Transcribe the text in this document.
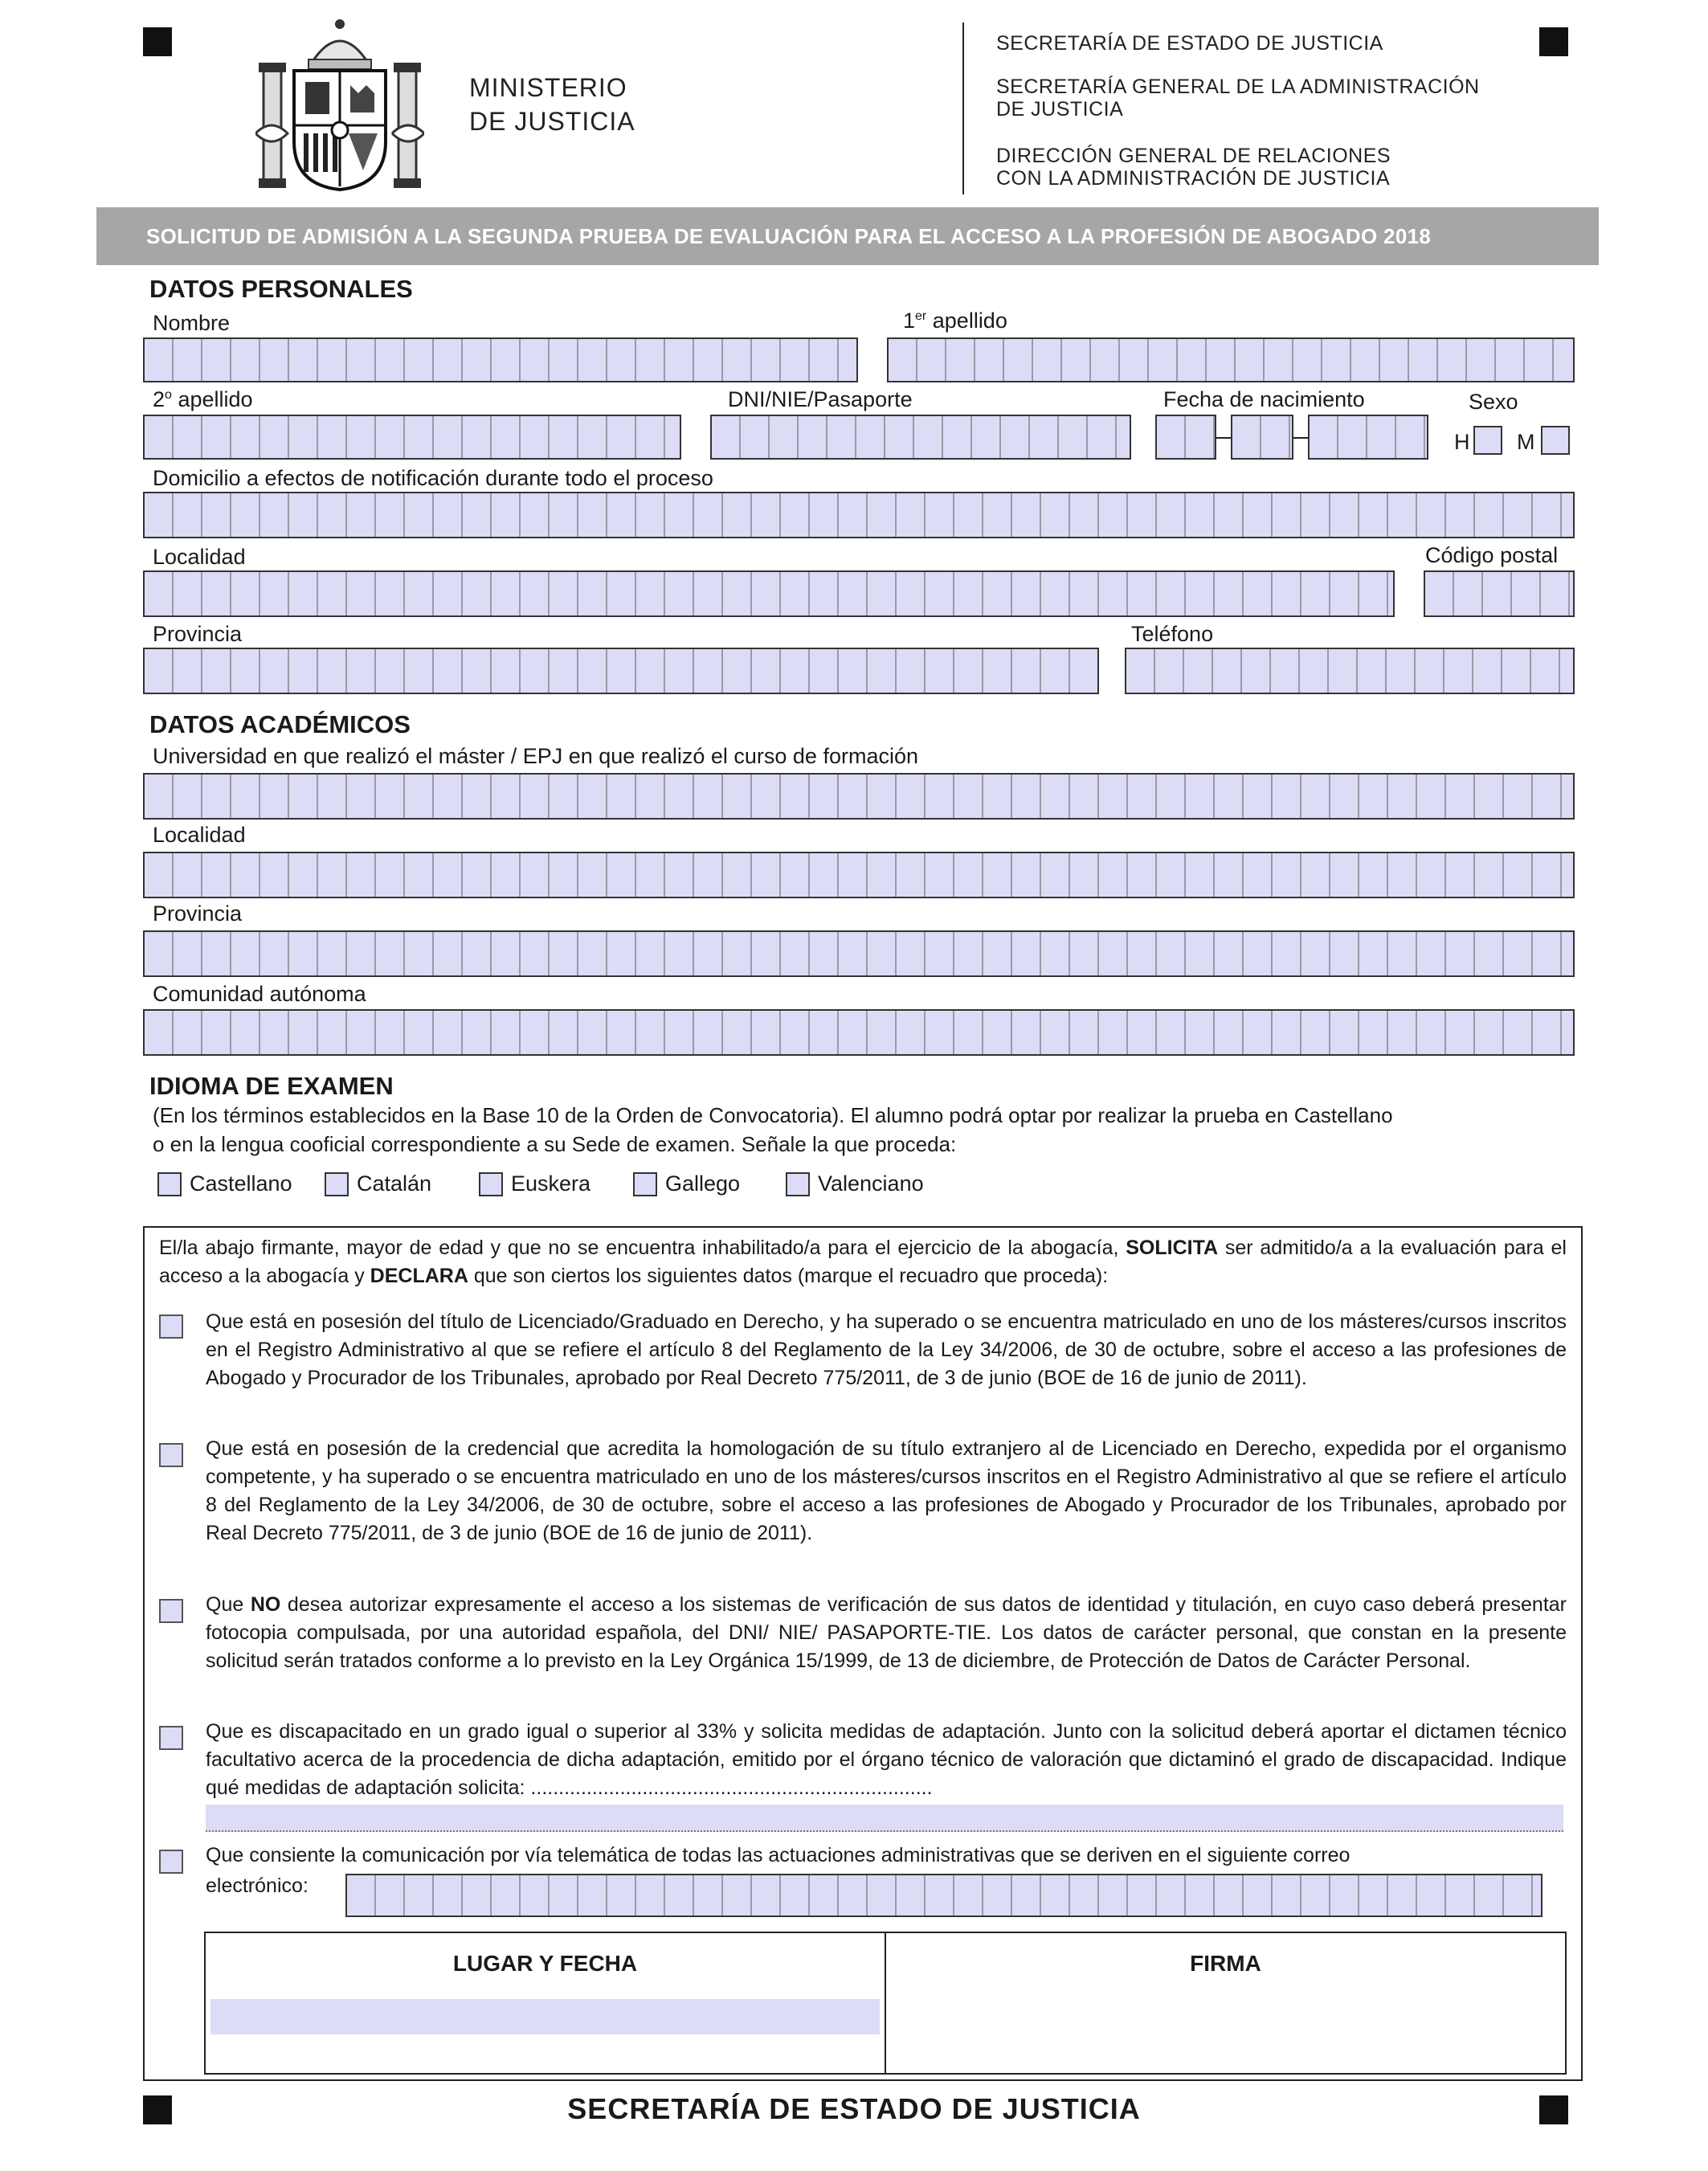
MINISTERIO
DE JUSTICIA
SECRETARÍA DE ESTADO DE JUSTICIA
SECRETARÍA GENERAL DE LA ADMINISTRACIÓN
DE JUSTICIA
DIRECCIÓN GENERAL DE RELACIONES
CON LA ADMINISTRACIÓN DE JUSTICIA
SOLICITUD DE ADMISIÓN A LA SEGUNDA PRUEBA DE EVALUACIÓN PARA EL ACCESO A LA PROFESIÓN DE ABOGADO 2018
DATOS PERSONALES
Nombre	1er apellido
2$^o$ apellido	DNI/NIE/Pasaporte	Fecha de nacimiento	Sexo
H M
Domicilio a efectos de notificación durante todo el proceso
Localidad	Código postal
Provincia	Teléfono
DATOS ACADÉMICOS
Universidad en que realizó el máster / EPJ en que realizó el curso de formación
Localidad
Provincia
Comunidad autónoma
IDIOMA DE EXAMEN
(En los términos establecidos en la Base 10 de la Orden de Convocatoria). El alumno podrá optar por realizar la prueba en Castellano
o en la lengua cooficial correspondiente a su Sede de examen. Señale la que proceda:
Castellano	Catalán	Euskera	Gallego	Valenciano
El/la abajo firmante, mayor de edad y que no se encuentra inhabilitado/a para el ejercicio de la abogacía, SOLICITA ser admitido/a a la evaluación para el acceso a la abogacía y DECLARA que son ciertos los siguientes datos (marque el recuadro que proceda):
Que está en posesión del título de Licenciado/Graduado en Derecho, y ha superado o se encuentra matriculado en uno de los másteres/cursos inscritos en el Registro Administrativo al que se refiere el artículo 8 del Reglamento de la Ley 34/2006, de 30 de octubre, sobre el acceso a las profesiones de Abogado y Procurador de los Tribunales, aprobado por Real Decreto 775/2011, de 3 de junio (BOE de 16 de junio de 2011).
Que está en posesión de la credencial que acredita la homologación de su título extranjero al de Licenciado en Derecho, expedida por el organismo competente, y ha superado o se encuentra matriculado en uno de los másteres/cursos inscritos en el Registro Administrativo al que se refiere el artículo 8 del Reglamento de la Ley 34/2006, de 30 de octubre, sobre el acceso a las profesiones de Abogado y Procurador de los Tribunales, aprobado por Real Decreto 775/2011, de 3 de junio (BOE de 16 de junio de 2011).
Que NO desea autorizar expresamente el acceso a los sistemas de verificación de sus datos de identidad y titulación, en cuyo caso deberá presentar fotocopia compulsada, por una autoridad española, del DNI/ NIE/ PASAPORTE-TIE. Los datos de carácter personal, que constan en la presente solicitud serán tratados conforme a lo previsto en la Ley Orgánica 15/1999, de 13 de diciembre, de Protección de Datos de Carácter Personal.
Que es discapacitado en un grado igual o superior al 33% y solicita medidas de adaptación. Junto con la solicitud deberá aportar el dictamen técnico facultativo acerca de la procedencia de dicha adaptación, emitido por el órgano técnico de valoración que dictaminó el grado de discapacidad. Indique qué medidas de adaptación solicita: ........................................................................
Que consiente la comunicación por vía telemática de todas las actuaciones administrativas que se deriven en el siguiente correo
electrónico:
LUGAR Y FECHA	FIRMA
SECRETARÍA DE ESTADO DE JUSTICIA
